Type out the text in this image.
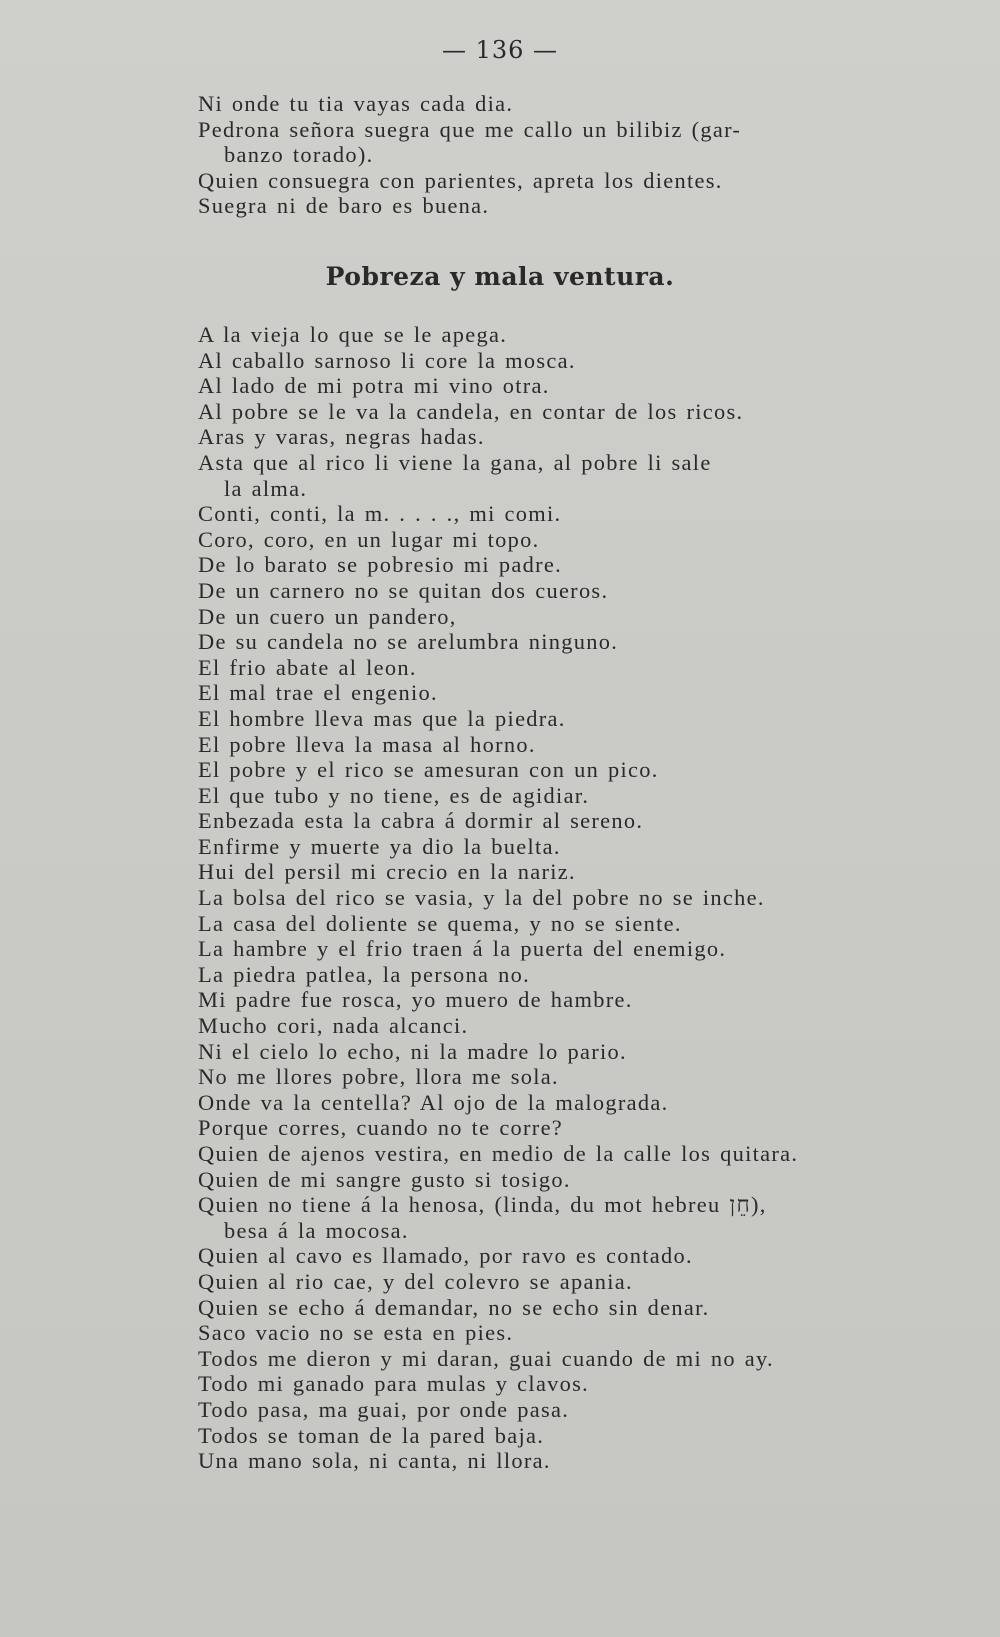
— 136 —
Ni onde tu tia vayas cada dia.
Pedrona señora suegra que me callo un bilibiz (gar-
banzo torado).
Quien consuegra con parientes, apreta los dientes.
Suegra ni de baro es buena.
Pobreza y mala ventura.
A la vieja lo que se le apega.
Al caballo sarnoso li core la mosca.
Al lado de mi potra mi vino otra.
Al pobre se le va la candela, en contar de los ricos.
Aras y varas, negras hadas.
Asta que al rico li viene la gana, al pobre li sale
la alma.
Conti, conti, la m. . . . ., mi comi.
Coro, coro, en un lugar mi topo.
De lo barato se pobresio mi padre.
De un carnero no se quitan dos cueros.
De un cuero un pandero,
De su candela no se arelumbra ninguno.
El frio abate al leon.
El mal trae el engenio.
El hombre lleva mas que la piedra.
El pobre lleva la masa al horno.
El pobre y el rico se amesuran con un pico.
El que tubo y no tiene, es de agidiar.
Enbezada esta la cabra á dormir al sereno.
Enfirme y muerte ya dio la buelta.
Hui del persil mi crecio en la nariz.
La bolsa del rico se vasia, y la del pobre no se inche.
La casa del doliente se quema, y no se siente.
La hambre y el frio traen á la puerta del enemigo.
La piedra patlea, la persona no.
Mi padre fue rosca, yo muero de hambre.
Mucho cori, nada alcanci.
Ni el cielo lo echo, ni la madre lo pario.
No me llores pobre, llora me sola.
Onde va la centella? Al ojo de la malograda.
Porque corres, cuando no te corre?
Quien de ajenos vestira, en medio de la calle los quitara.
Quien de mi sangre gusto si tosigo.
Quien no tiene á la henosa, (linda, du mot hebreu חֵן),
besa á la mocosa.
Quien al cavo es llamado, por ravo es contado.
Quien al rio cae, y del colevro se apania.
Quien se echo á demandar, no se echo sin denar.
Saco vacio no se esta en pies.
Todos me dieron y mi daran, guai cuando de mi no ay.
Todo mi ganado para mulas y clavos.
Todo pasa, ma guai, por onde pasa.
Todos se toman de la pared baja.
Una mano sola, ni canta, ni llora.
